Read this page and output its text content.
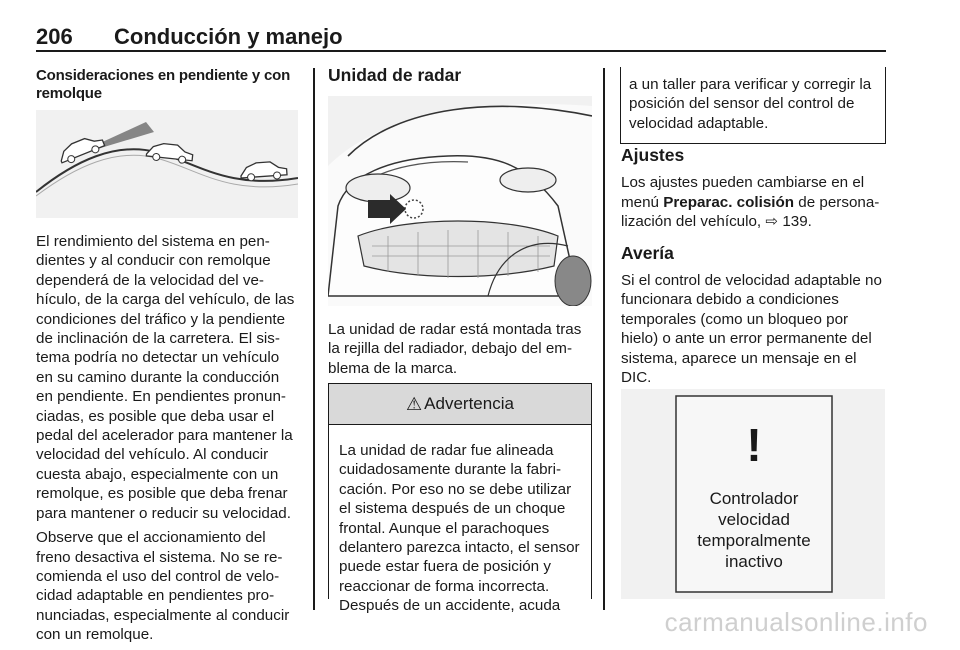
206 Conducción y manejo
Consideraciones en pendiente y con remolque

El rendimiento del sistema en pendientes y al conducir con remolque dependerá de la velocidad del vehículo, de la carga del vehículo, de las condiciones del tráfico y la pendiente de inclinación de la carretera. El sistema podría no detectar un vehículo en su camino durante la conducción en pendiente. En pendientes pronunciadas, es posible que deba usar el pedal del acelerador para mantener la velocidad del vehículo. Al conducir cuesta abajo, especialmente con un remolque, es posible que deba frenar para mantener o reducir su velocidad.

Observe que el accionamiento del freno desactiva el sistema. No se recomienda el uso del control de velocidad adaptable en pendientes pronunciadas, especialmente al conducir con un remolque.

Unidad de radar

La unidad de radar está montada tras la rejilla del radiador, debajo del emblema de la marca.

⚠ Advertencia
La unidad de radar fue alineada cuidadosamente durante la fabricación. Por eso no se debe utilizar el sistema después de un choque frontal. Aunque el parachoques delantero parezca intacto, el sensor puede estar fuera de posición y reaccionar de forma incorrecta. Después de un accidente, acuda
a un taller para verificar y corregir la posición del sensor del control de velocidad adaptable.
Ajustes

Los ajustes pueden cambiarse en el menú Preparac. colisión de personalización del vehículo, ⇨ 139.

Avería

Si el control de velocidad adaptable no funcionara debido a condiciones temporales (como un bloqueo por hielo) o ante un error permanente del sistema, aparece un mensaje en el DIC.

!
Controlador
velocidad
temporalmente
inactivo
carmanualsonline.info
